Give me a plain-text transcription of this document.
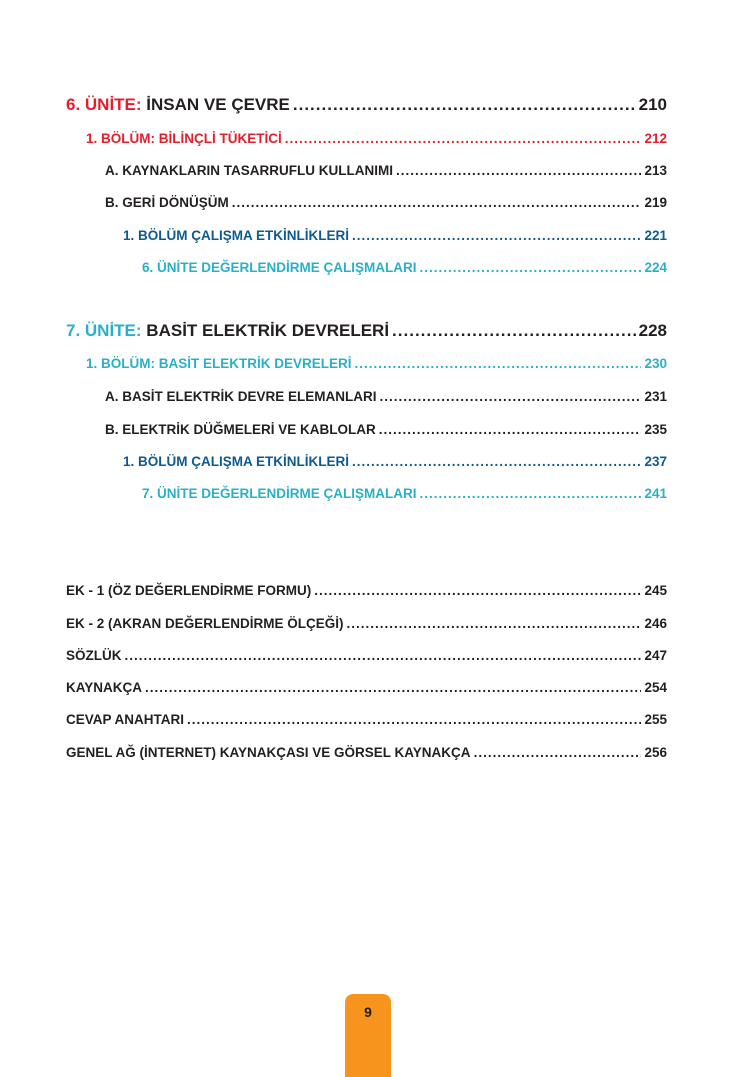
6. ÜNİTE: İNSAN VE ÇEVRE .....	210
1. BÖLÜM: BİLİNÇLİ TÜKETİCİ .....	212
A. KAYNAKLARIN TASARRUFLU KULLANIMI .....	213
B. GERİ DÖNÜŞÜM .....	219
1. BÖLÜM ÇALIŞMA ETKİNLİKLERİ .....	221
6. ÜNİTE DEĞERLENDİRME ÇALIŞMALARI .....	224
7. ÜNİTE: BASİT ELEKTRİK DEVRELERİ .....	228
1. BÖLÜM: BASİT ELEKTRİK DEVRELERİ .....	230
A. BASİT ELEKTRİK DEVRE ELEMANLARI .....	231
B. ELEKTRİK DÜĞMELERİ VE KABLOLAR .....	235
1. BÖLÜM ÇALIŞMA ETKİNLİKLERİ .....	237
7. ÜNİTE DEĞERLENDİRME ÇALIŞMALARI .....	241
EK - 1 (ÖZ DEĞERLENDİRME FORMU) .....	245
EK - 2 (AKRAN DEĞERLENDİRME ÖLÇEĞİ) .....	246
SÖZLÜK .....	247
KAYNAKÇA .....	254
CEVAP ANAHTARI .....	255
GENEL AĞ (İNTERNET) KAYNAKÇASI VE GÖRSEL KAYNAKÇA .....	256
9
